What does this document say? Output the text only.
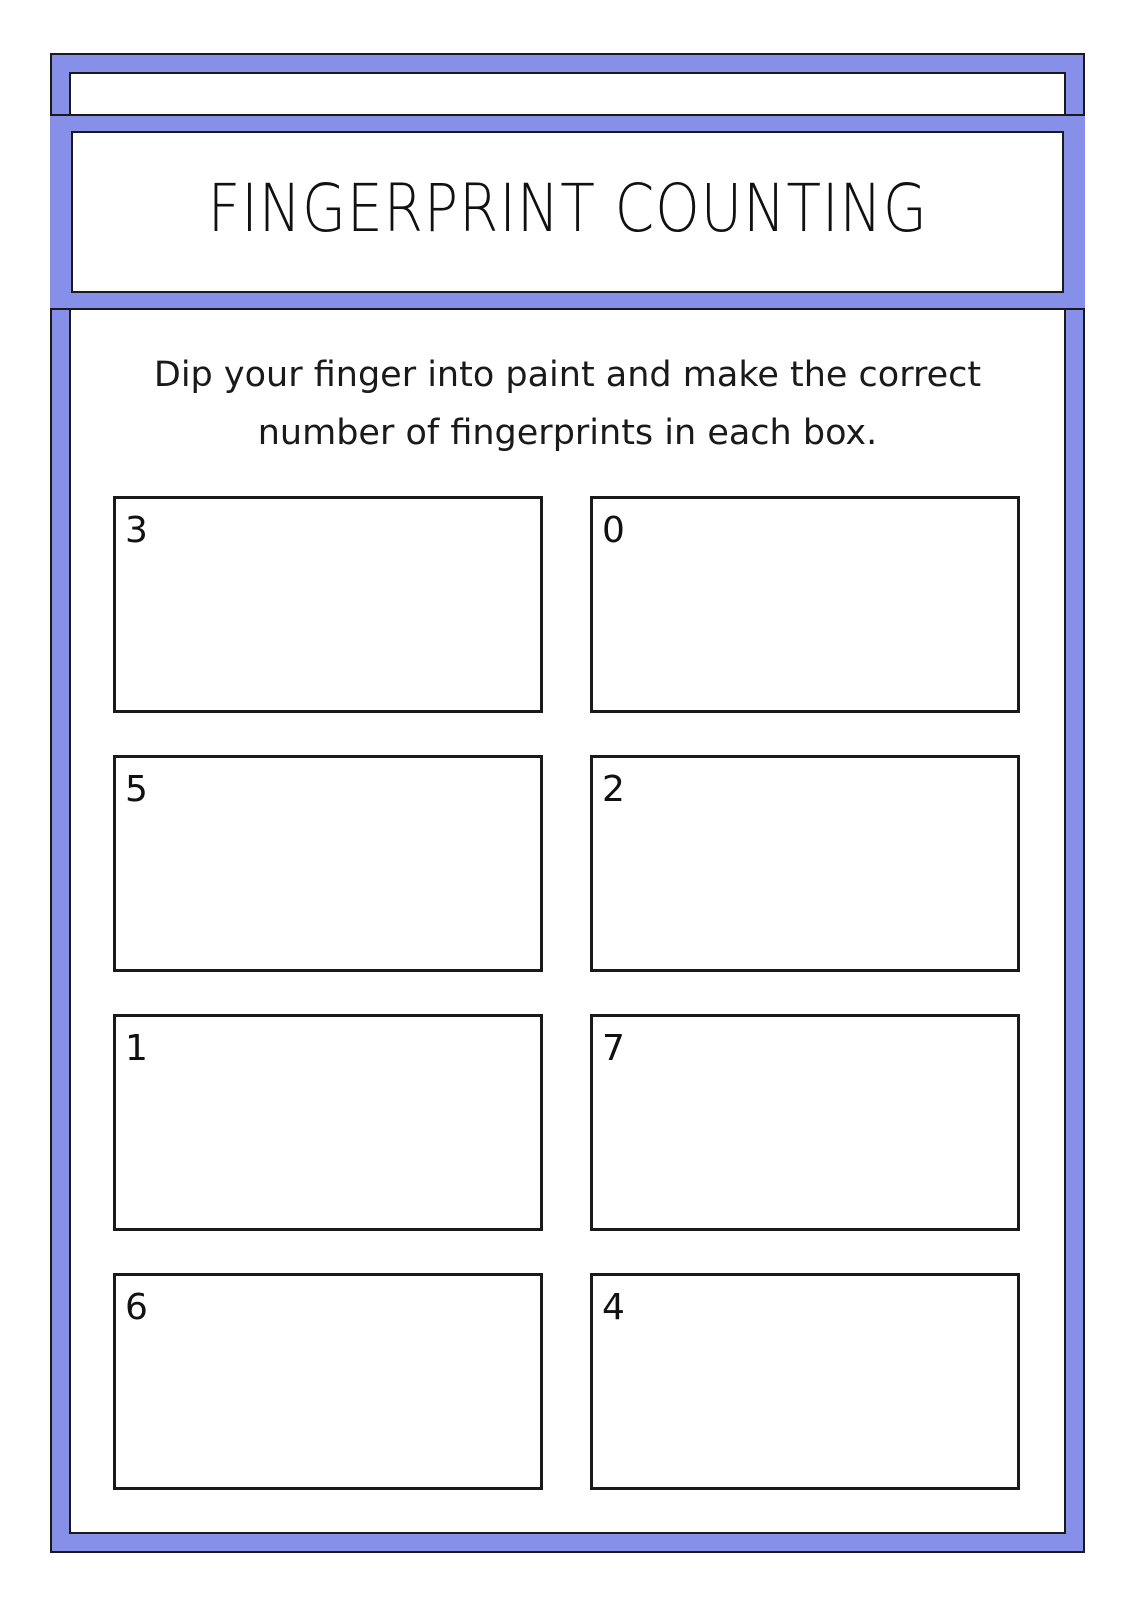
FINGERPRINT COUNTING
Dip your finger into paint and make the correct
number of fingerprints in each box.
3	0
5	2
1	7
6	4
